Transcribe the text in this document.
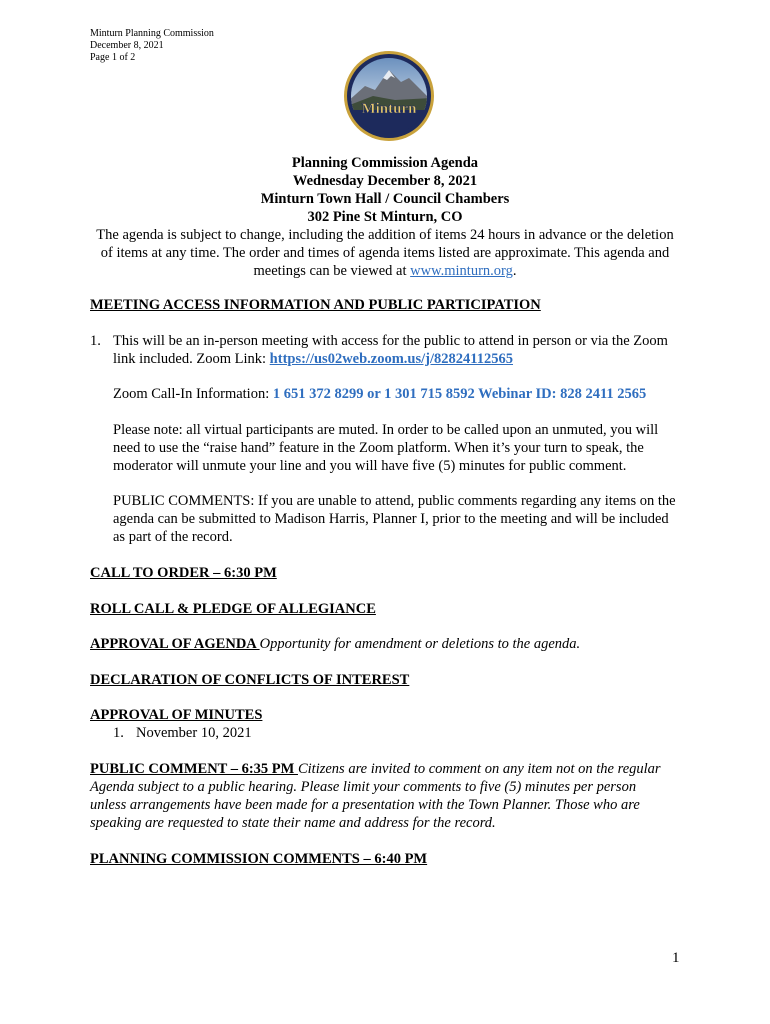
Minturn Planning Commission
December 8, 2021
Page 1 of 2
Minturn
Planning Commission Agenda
Wednesday December 8, 2021
Minturn Town Hall / Council Chambers
302 Pine St Minturn, CO
The agenda is subject to change, including the addition of items 24 hours in advance or the deletion of items at any time. The order and times of agenda items listed are approximate. This agenda and meetings can be viewed at www.minturn.org.
MEETING ACCESS INFORMATION AND PUBLIC PARTICIPATION
1. This will be an in-person meeting with access for the public to attend in person or via the Zoom link included. Zoom Link: https://us02web.zoom.us/j/82824112565
Zoom Call-In Information: 1 651 372 8299 or 1 301 715 8592 Webinar ID: 828 2411 2565
Please note: all virtual participants are muted. In order to be called upon an unmuted, you will need to use the “raise hand” feature in the Zoom platform. When it’s your turn to speak, the moderator will unmute your line and you will have five (5) minutes for public comment.
PUBLIC COMMENTS: If you are unable to attend, public comments regarding any items on the agenda can be submitted to Madison Harris, Planner I, prior to the meeting and will be included as part of the record.
CALL TO ORDER – 6:30 PM
ROLL CALL & PLEDGE OF ALLEGIANCE
APPROVAL OF AGENDA Opportunity for amendment or deletions to the agenda.
DECLARATION OF CONFLICTS OF INTEREST
APPROVAL OF MINUTES
1. November 10, 2021
PUBLIC COMMENT – 6:35 PM Citizens are invited to comment on any item not on the regular Agenda subject to a public hearing. Please limit your comments to five (5) minutes per person unless arrangements have been made for a presentation with the Town Planner. Those who are speaking are requested to state their name and address for the record.
PLANNING COMMISSION COMMENTS – 6:40 PM
1
